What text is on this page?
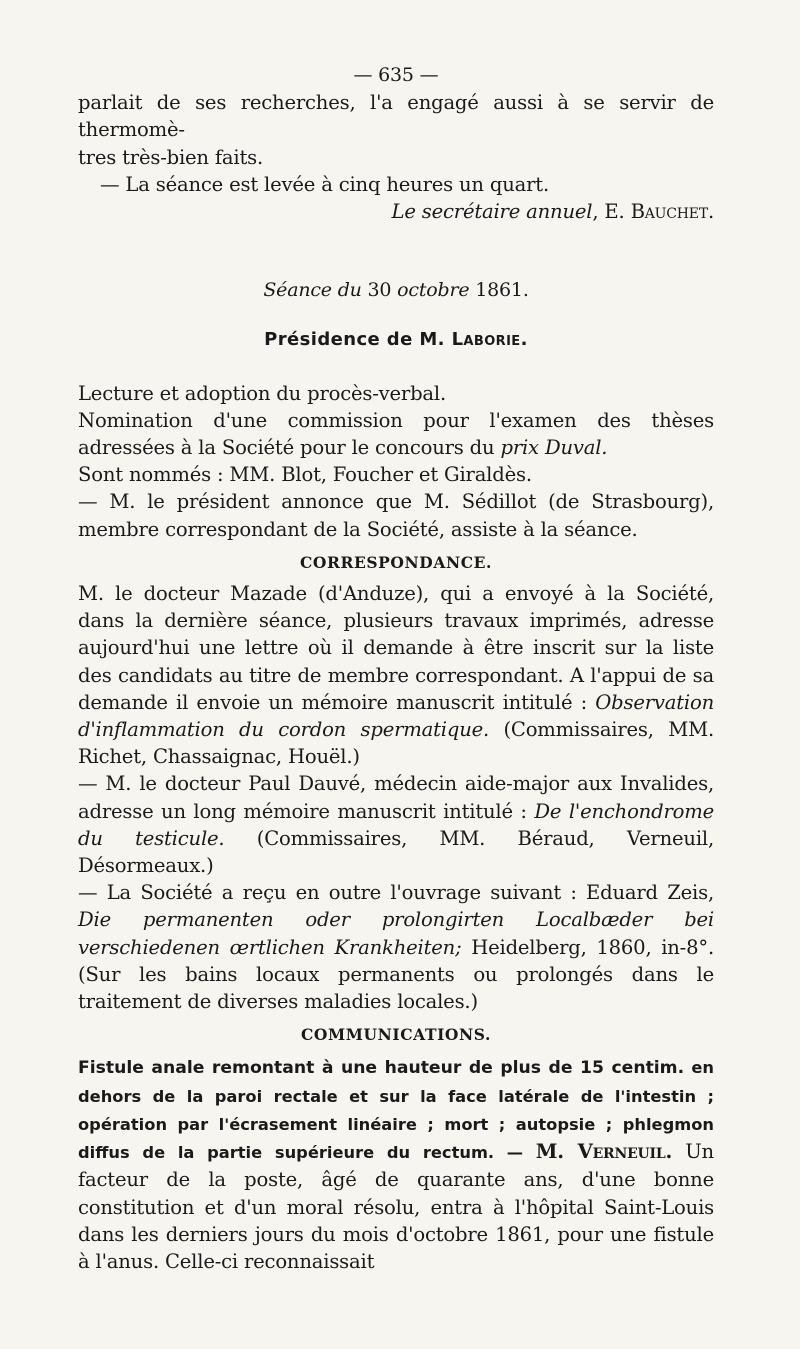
— 635 —

parlait de ses recherches, l'a engagé aussi à se servir de thermomè-
tres très-bien faits.

— La séance est levée à cinq heures un quart.

Le secrétaire annuel, E. Bauchet.

Séance du 30 octobre 1861.

Présidence de M. Laborie.

Lecture et adoption du procès-verbal.

Nomination d'une commission pour l'examen des thèses adressées à la Société pour le concours du prix Duval.

Sont nommés : MM. Blot, Foucher et Giraldès.

— M. le président annonce que M. Sédillot (de Strasbourg), membre correspondant de la Société, assiste à la séance.

CORRESPONDANCE.

M. le docteur Mazade (d'Anduze), qui a envoyé à la Société, dans la dernière séance, plusieurs travaux imprimés, adresse aujourd'hui une lettre où il demande à être inscrit sur la liste des candidats au titre de membre correspondant. A l'appui de sa demande il envoie un mémoire manuscrit intitulé : Observation d'inflammation du cordon spermatique. (Commissaires, MM. Richet, Chassaignac, Houël.)

— M. le docteur Paul Dauvé, médecin aide-major aux Invalides, adresse un long mémoire manuscrit intitulé : De l'enchondrome du testicule. (Commissaires, MM. Béraud, Verneuil, Désormeaux.)

— La Société a reçu en outre l'ouvrage suivant : Eduard Zeis, Die permanenten oder prolongirten Localbæder bei verschiedenen œrtlichen Krankheiten; Heidelberg, 1860, in-8°. (Sur les bains locaux permanents ou prolongés dans le traitement de diverses maladies locales.)

COMMUNICATIONS.

Fistule anale remontant à une hauteur de plus de 15 centim. en dehors de la paroi rectale et sur la face latérale de l'intestin ; opération par l'écrasement linéaire ; mort ; autopsie ; phlegmon diffus de la partie supérieure du rectum. — M. Verneuil. Un facteur de la poste, âgé de quarante ans, d'une bonne constitution et d'un moral résolu, entra à l'hôpital Saint-Louis dans les derniers jours du mois d'octobre 1861, pour une fistule à l'anus. Celle-ci reconnaissait
